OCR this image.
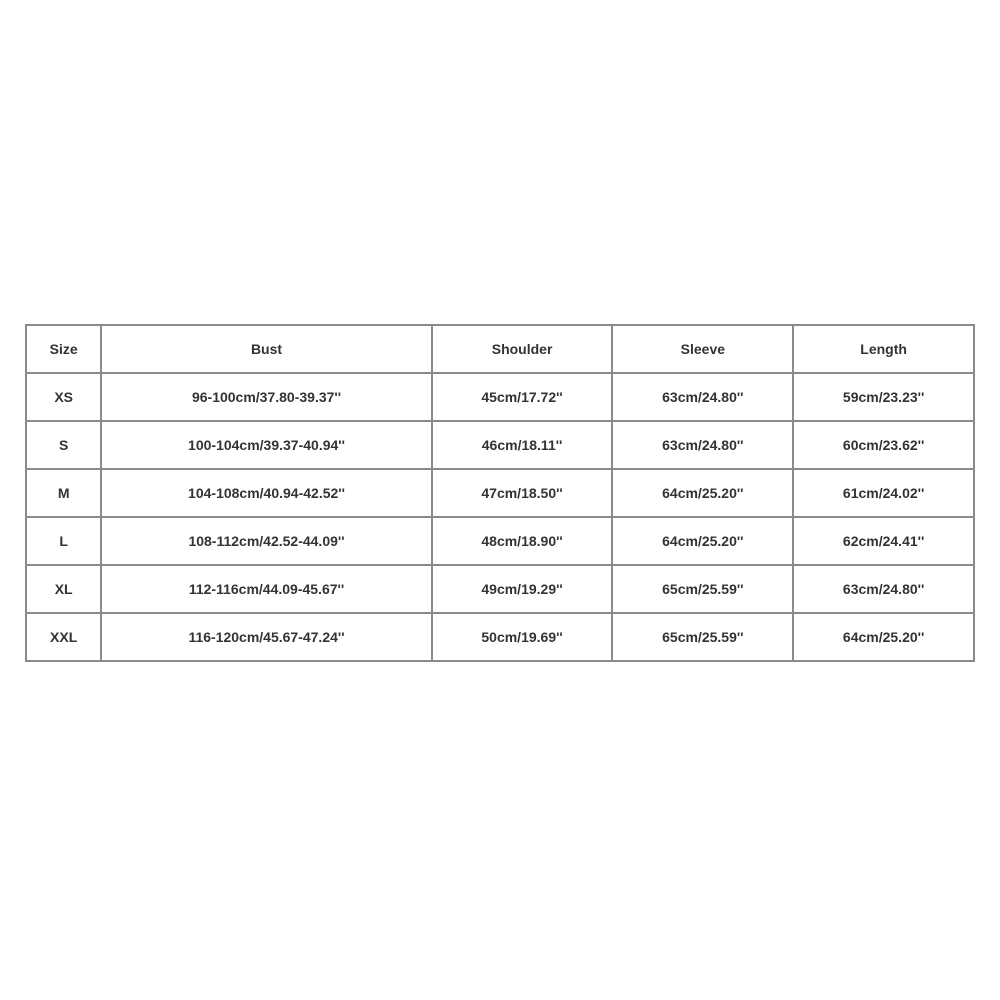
Size	Bust	Shoulder	Sleeve	Length
XS	96-100cm/37.80-39.37''	45cm/17.72''	63cm/24.80''	59cm/23.23''
S	100-104cm/39.37-40.94''	46cm/18.11''	63cm/24.80''	60cm/23.62''
M	104-108cm/40.94-42.52''	47cm/18.50''	64cm/25.20''	61cm/24.02''
L	108-112cm/42.52-44.09''	48cm/18.90''	64cm/25.20''	62cm/24.41''
XL	112-116cm/44.09-45.67''	49cm/19.29''	65cm/25.59''	63cm/24.80''
XXL	116-120cm/45.67-47.24''	50cm/19.69''	65cm/25.59''	64cm/25.20''
